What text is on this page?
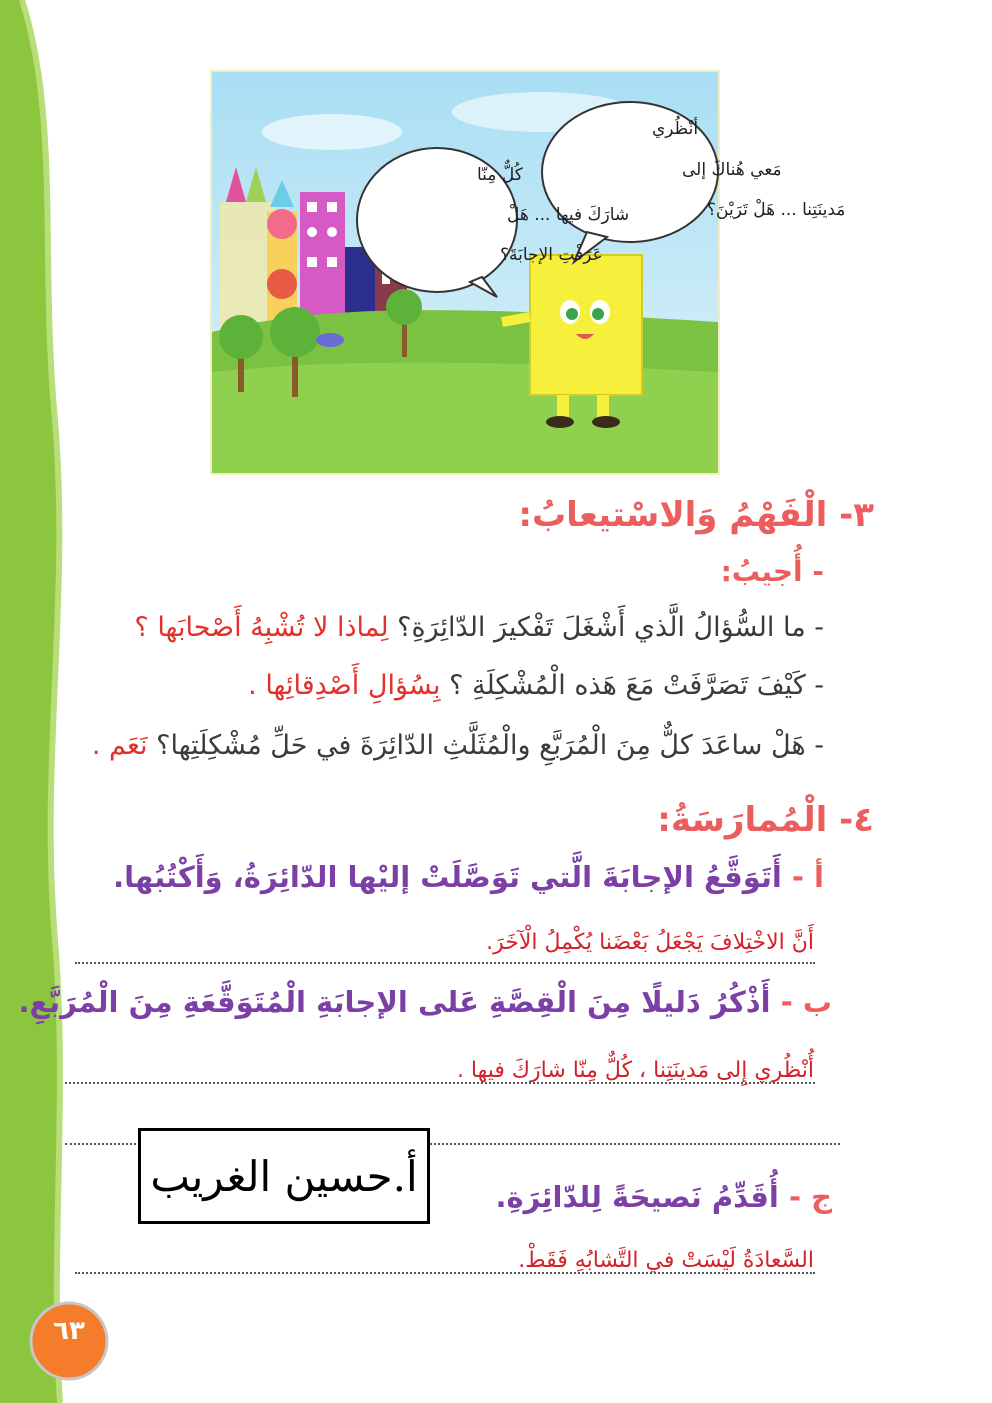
كُلٌّ مِنّا
شارَكَ فيها ... هَلْ
عَرَفْتِ الإجابَةَ؟
أنْظُري
مَعي هُناكَ إلى
مَدينَتِنا ... هَلْ تَرَيْنَ؟
٣- الْفَهْمُ وَالاسْتيعابُ:
- أُجيبُ:
- ما السُّؤالُ الَّذي أَشْغَلَ تَفْكيرَ الدّائِرَةِ؟ لِماذا لا تُشْبِهُ أَصْحابَها ؟
- كَيْفَ تَصَرَّفَتْ مَعَ هَذه الْمُشْكِلَةِ ؟ بِسُؤالِ أَصْدِقائِها .
- هَلْ ساعَدَ كلٌّ مِنَ الْمُرَبَّعِ والْمُثَلَّثِ الدّائِرَةَ في حَلِّ مُشْكِلَتِها؟ نَعَم .
٤- الْمُمارَسَةُ:
أ - أَتَوَقَّعُ الإجابَةَ الَّتي تَوَصَّلَتْ إليْها الدّائِرَةُ، وَأَكْتُبُها.
أَنَّ الاخْتِلافَ يَجْعَلُ بَعْضَنا يُكْمِلُ الْآخَرَ.
ب - أَذْكُرُ دَليلًا مِنَ الْقِصَّةِ عَلى الإجابَةِ الْمُتَوَقَّعَةِ مِنَ الْمُرَبَّعِ.
أُنْظُري إِلى مَدينَتِنا ، كُلٌّ مِنّا شارَكَ فيها .
أ.حسين الغريب	ج - أُقَدِّمُ نَصيحَةً لِلدّائِرَةِ.
السَّعادَةُ لَيْسَتْ في التَّشابُهِ فَقَطْ.
٦٣
